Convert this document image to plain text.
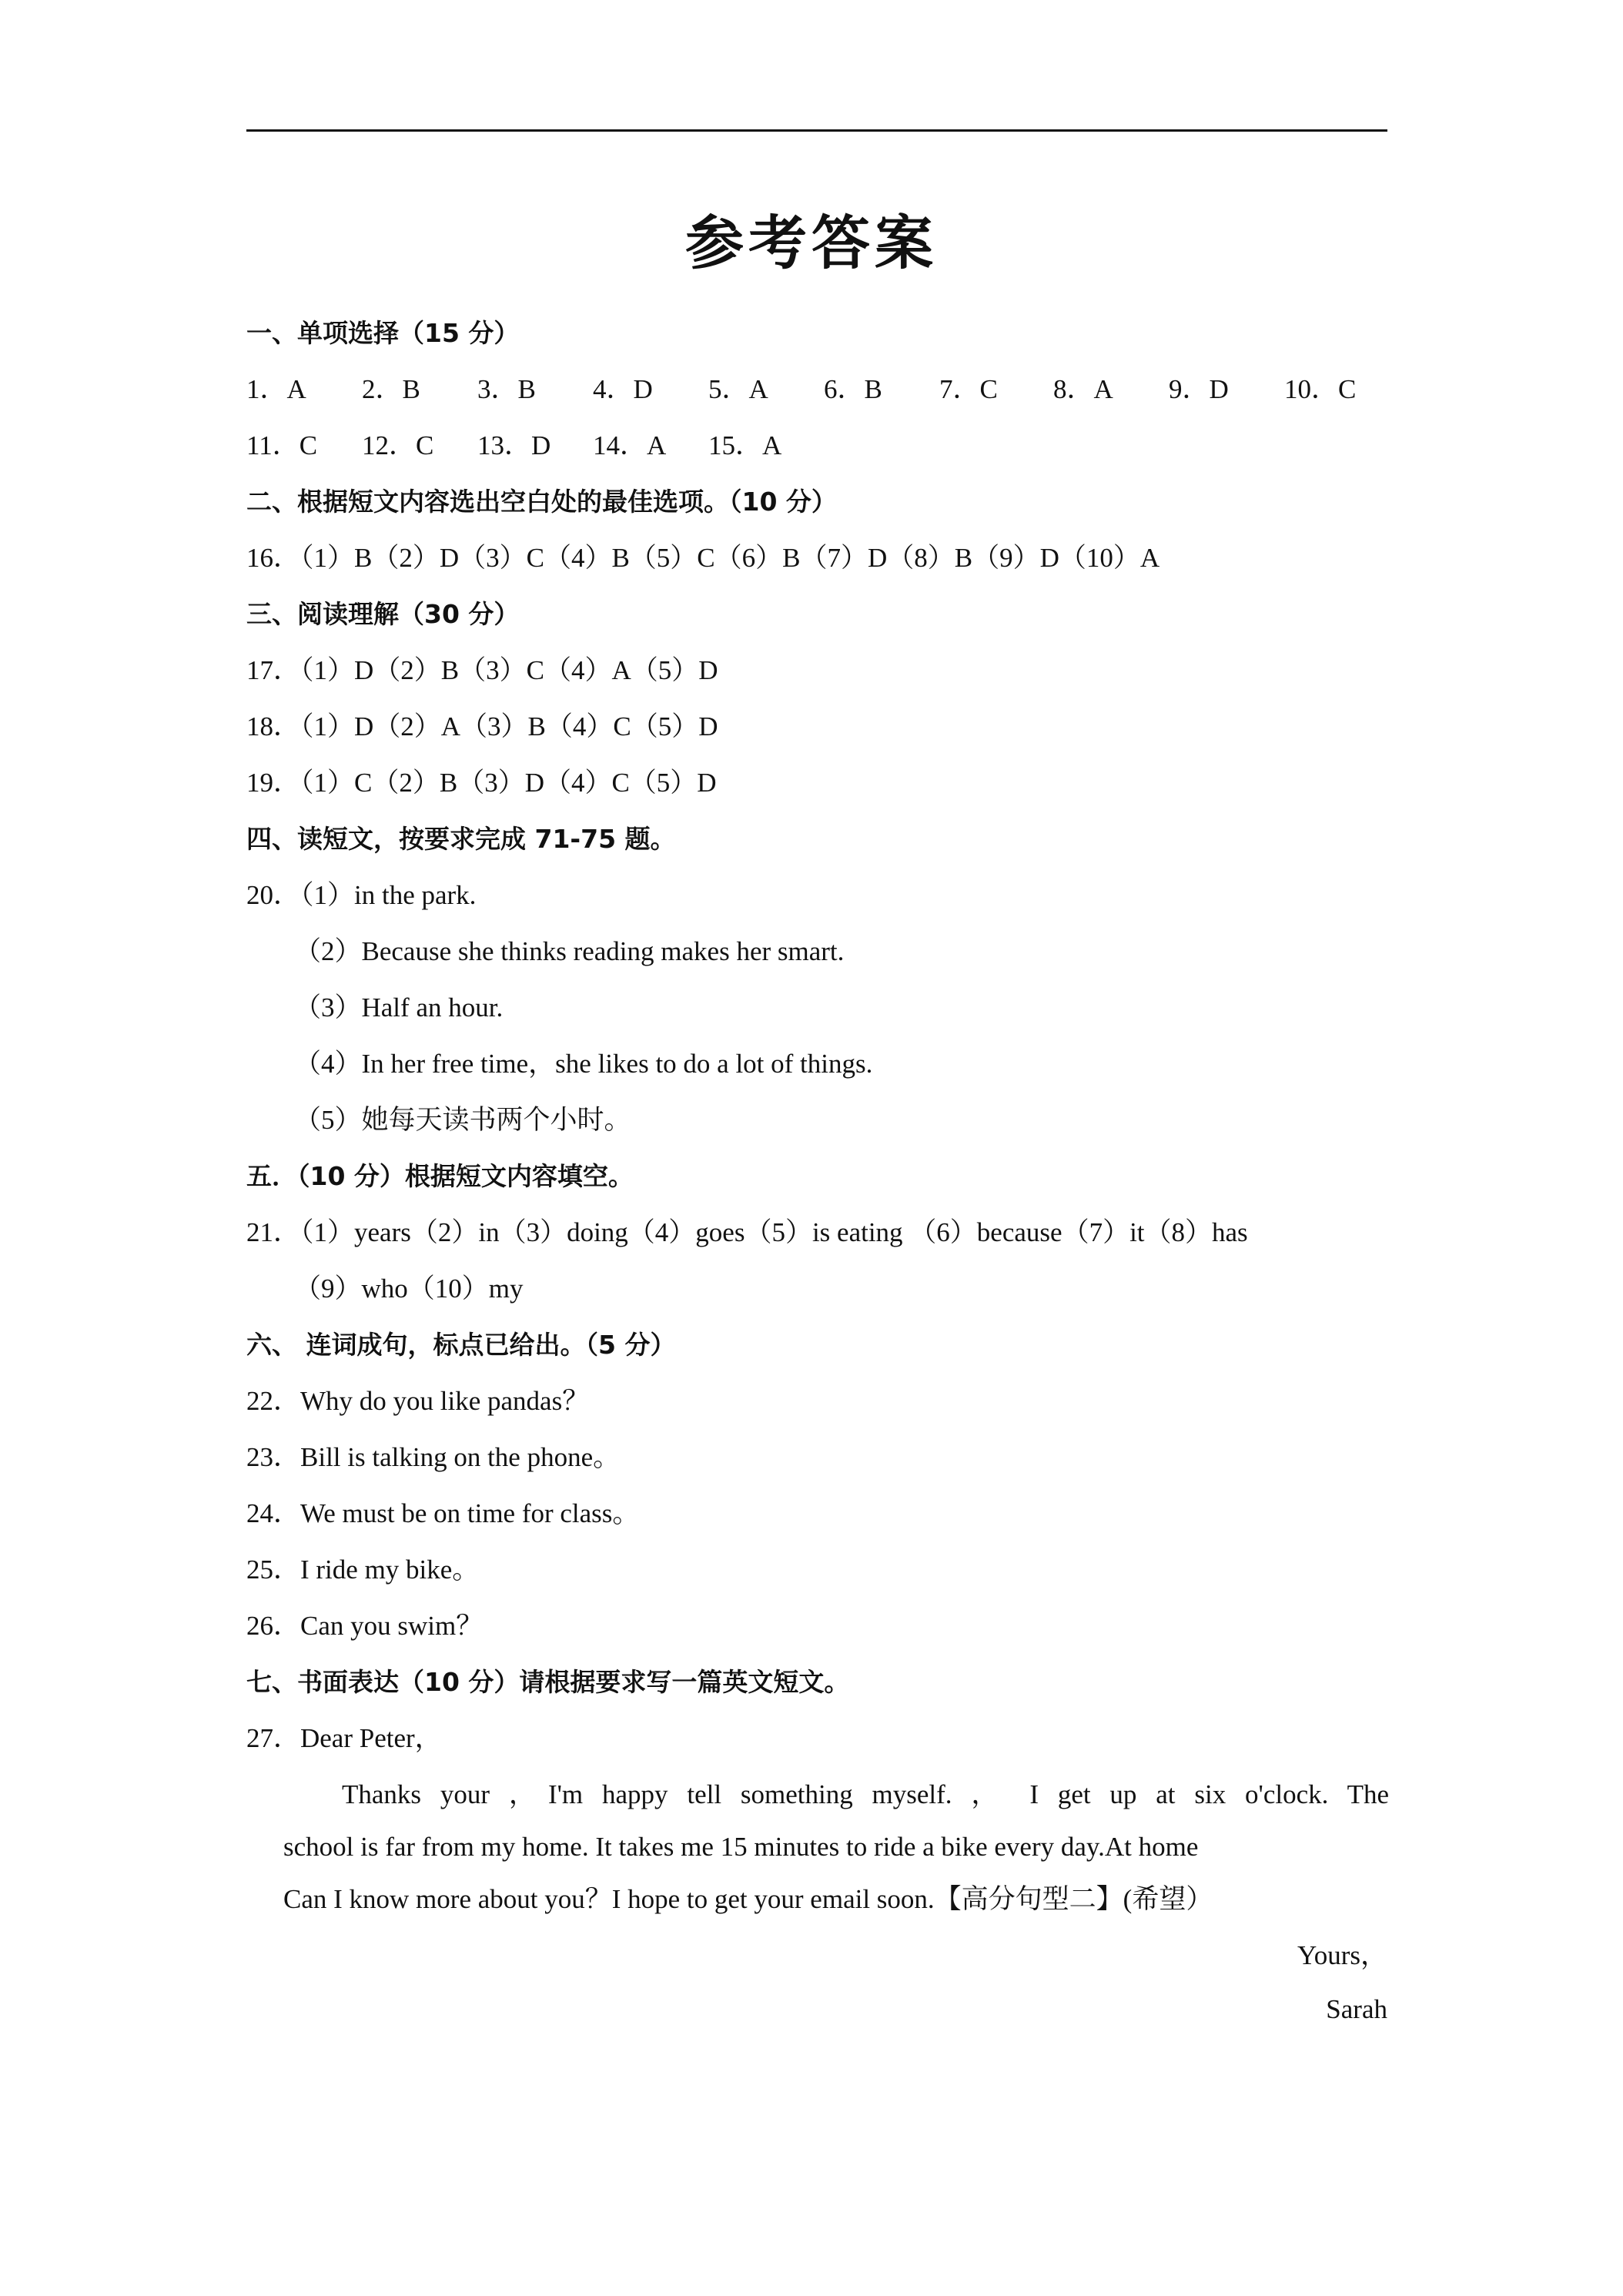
参考答案
一、单项选择（15 分）
1．A 2．B 3．B 4．D 5．A 6．B 7．C 8．A 9．D 10．C
11．C 12．C 13．D 14．A 15．A
二、根据短文内容选出空白处的最佳选项。（10 分）
16．（1）B（2）D（3）C（4）B（5）C（6）B（7）D（8）B（9）D（10）A
三、阅读理解（30 分）
17．（1）D（2）B（3）C（4）A（5）D
18．（1）D（2）A（3）B（4）C（5）D
19．（1）C（2）B（3）D（4）C（5）D
四、读短文，按要求完成 71-75 题。
20．（1）in the park.
（2）Because she thinks reading makes her smart.
（3）Half an hour.
（4）In her free time，she likes to do a lot of things.
（5）她每天读书两个小时。
五．（10 分）根据短文内容填空。
21．（1）years（2）in（3）doing（4）goes（5）is eating （6）because（7）it（8）has
（9）who（10）my
六、 连词成句，标点已给出。（5 分）
22．Why do you like pandas？
23．Bill is talking on the phone。
24．We must be on time for class。
25．I ride my bike。
26．Can you swim？
七、书面表达（10 分）请根据要求写一篇英文短文。
27．Dear Peter，
Thanks your ，I'm happy tell something myself. ， I get up at six o'clock. The
school is far from my home. It takes me 15 minutes to ride a bike every day.At home
Can I know more about you？I hope to get your email soon.【高分句型二】(希望）
Yours，
Sarah
